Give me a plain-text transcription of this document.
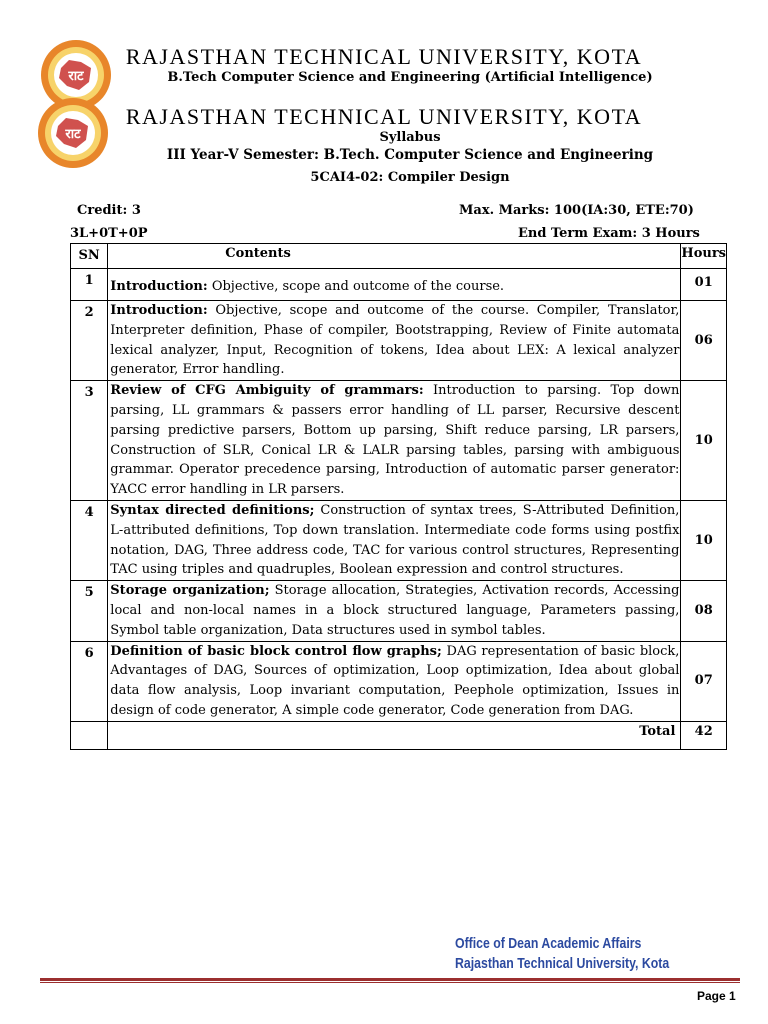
राट
राट
RAJASTHAN TECHNICAL UNIVERSITY, KOTA
B.Tech Computer Science and Engineering (Artificial Intelligence)
RAJASTHAN TECHNICAL UNIVERSITY, KOTA
Syllabus
III Year-V Semester: B.Tech. Computer Science and Engineering
5CAI4-02: Compiler Design
Credit: 3	Max. Marks: 100(IA:30, ETE:70)
3L+0T+0P	End Term Exam: 3 Hours
SN	Contents	Hours
1	Introduction: Objective, scope and outcome of the course.	01
2	Introduction: Objective, scope and outcome of the course. Compiler, Translator, Interpreter definition, Phase of compiler, Bootstrapping, Review of Finite automata lexical analyzer, Input, Recognition of tokens, Idea about LEX: A lexical analyzer generator, Error handling.	06
3	Review of CFG Ambiguity of grammars: Introduction to parsing. Top down parsing, LL grammars & passers error handling of LL parser, Recursive descent parsing predictive parsers, Bottom up parsing, Shift reduce parsing, LR parsers, Construction of SLR, Conical LR & LALR parsing tables, parsing with ambiguous grammar. Operator precedence parsing, Introduction of automatic parser generator: YACC error handling in LR parsers.	10
4	Syntax directed definitions; Construction of syntax trees, S-Attributed Definition, L-attributed definitions, Top down translation. Intermediate code forms using postfix notation, DAG, Three address code, TAC for various control structures, Representing TAC using triples and quadruples, Boolean expression and control structures.	10
5	Storage organization; Storage allocation, Strategies, Activation records, Accessing local and non-local names in a block structured language, Parameters passing, Symbol table organization, Data structures used in symbol tables.	08
6	Definition of basic block control flow graphs; DAG representation of basic block, Advantages of DAG, Sources of optimization, Loop optimization, Idea about global data flow analysis, Loop invariant computation, Peephole optimization, Issues in design of code generator, A simple code generator, Code generation from DAG.	07
	Total	42
Office of Dean Academic Affairs
Rajasthan Technical University, Kota
Page 1
